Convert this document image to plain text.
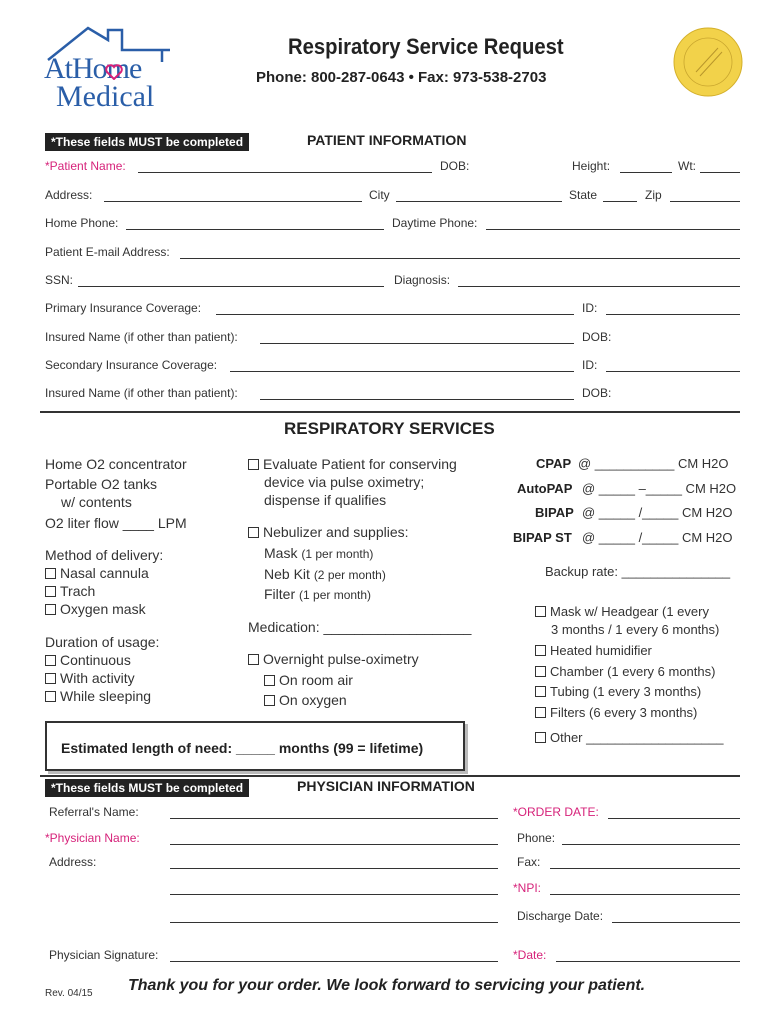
AtHome
Medical
Respiratory Service Request
Phone: 800-287-0643 • Fax: 973-538-2703
*These fields MUST be completed	PATIENT INFORMATION
*Patient Name:	DOB:	Height:	Wt:
Address:	City	State	Zip
Home Phone:	Daytime Phone:
Patient E-mail Address:
SSN:	Diagnosis:
Primary Insurance Coverage:	ID:
Insured Name (if other than patient):	DOB:
Secondary Insurance Coverage:	ID:
Insured Name (if other than patient):	DOB:
RESPIRATORY SERVICES
Home O2 concentrator
Portable O2 tanks
w/ contents
O2 liter flow ____ LPM
Method of delivery:
Nasal cannula
Trach
Oxygen mask
Duration of usage:
Continuous
With activity
While sleeping
Evaluate Patient for conserving
device via pulse oximetry;
dispense if qualifies
Nebulizer and supplies:
Mask (1 per month)
Neb Kit (2 per month)
Filter (1 per month)
Medication: ___________________
Overnight pulse-oximetry
On room air
On oxygen
CPAP @ ___________ CM H2O
AutoPAP @ _____ –_____ CM H2O
BIPAP @ _____ /_____ CM H2O
BIPAP ST @ _____ /_____ CM H2O
Backup rate: _______________
Mask w/ Headgear (1 every
3 months / 1 every 6 months)
Heated humidifier
Chamber (1 every 6 months)
Tubing (1 every 3 months)
Filters (6 every 3 months)
Other ___________________
Estimated length of need: _____ months (99 = lifetime)
*These fields MUST be completed	PHYSICIAN INFORMATION
Referral's Name:	*ORDER DATE:
*Physician Name:	Phone:
Address:	Fax:
*NPI:
Discharge Date:
Physician Signature:	*Date:
Rev. 04/15 Thank you for your order. We look forward to servicing your patient.
